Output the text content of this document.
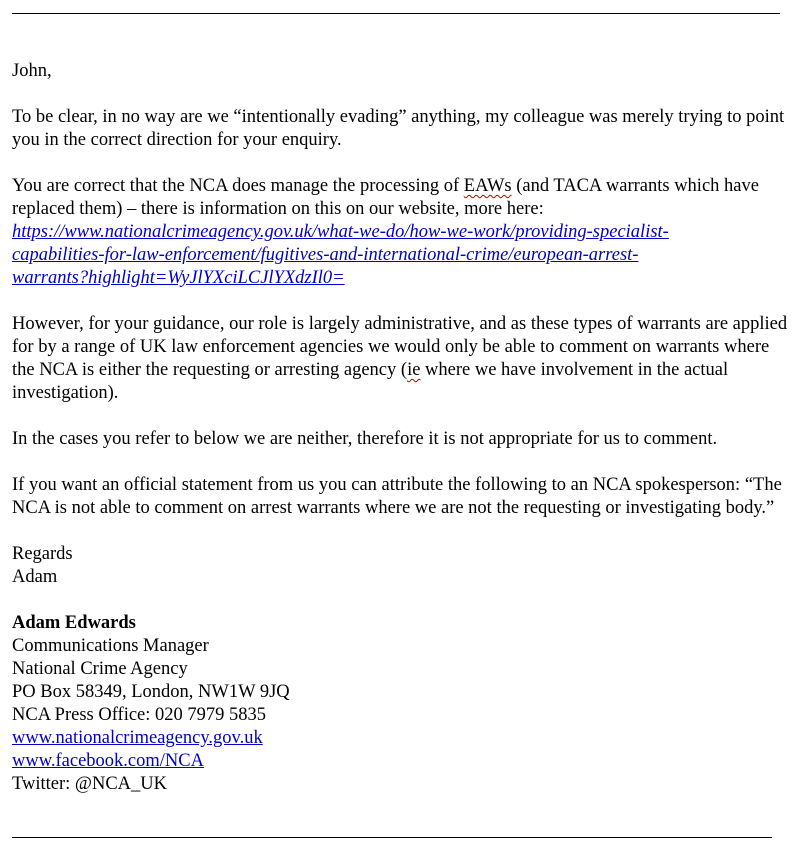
John,

To be clear, in no way are we “intentionally evading” anything, my colleague was merely trying to point you in the correct direction for your enquiry.

You are correct that the NCA does manage the processing of EAWs (and TACA warrants which have replaced them) – there is information on this on our website, more here:
https://www.nationalcrimeagency.gov.uk/what-we-do/how-we-work/providing-specialist-
capabilities-for-law-enforcement/fugitives-and-international-crime/european-arrest-
warrants?highlight=WyJlYXciLCJlYXdzIl0=

However, for your guidance, our role is largely administrative, and as these types of warrants are applied for by a range of UK law enforcement agencies we would only be able to comment on warrants where the NCA is either the requesting or arresting agency (ie where we have involvement in the actual investigation).

In the cases you refer to below we are neither, therefore it is not appropriate for us to comment.

If you want an official statement from us you can attribute the following to an NCA spokesperson: “The NCA is not able to comment on arrest warrants where we are not the requesting or investigating body.”

Regards

Adam

Adam Edwards

Communications Manager

National Crime Agency

PO Box 58349, London, NW1W 9JQ

NCA Press Office: 020 7979 5835

www.nationalcrimeagency.gov.uk

www.facebook.com/NCA

Twitter: @NCA_UK
